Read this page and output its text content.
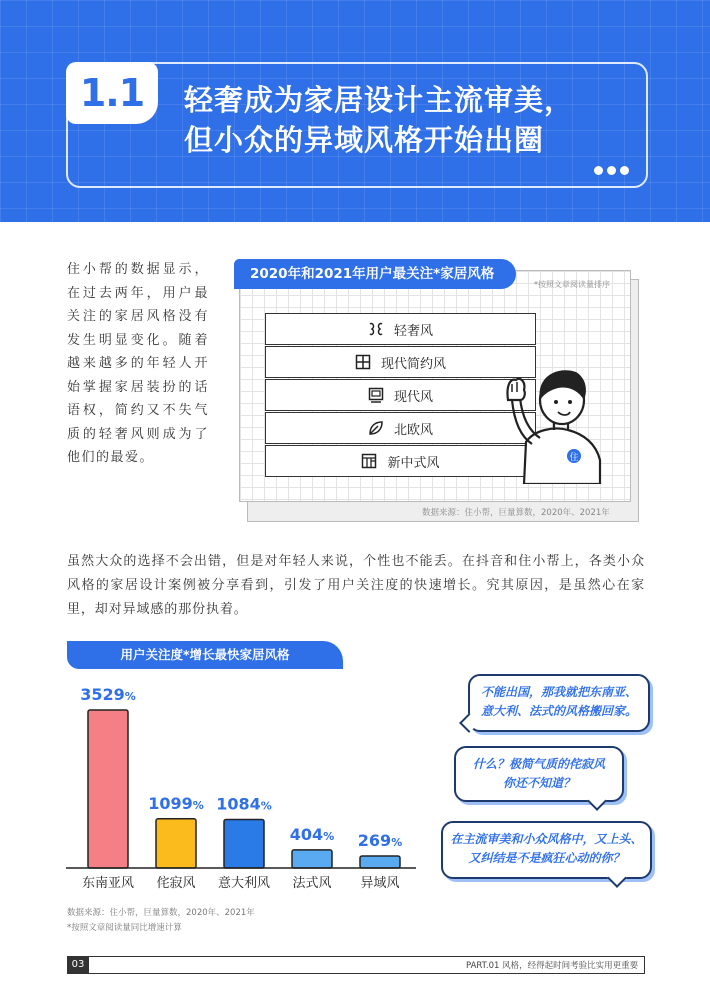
1.1	轻奢成为家居设计主流审美，
但小众的异域风格开始出圈
住小帮的数据显示，在过去两年，用户最关注的家居风格没有发生明显变化。随着越来越多的年轻人开始掌握家居装扮的话语权，简约又不失气质的轻奢风则成为了他们的最爱。
2020年和2021年用户最关注*家居风格
*按照文章阅读量排序
轻奢风
现代简约风
现代风
北欧风
新中式风	住
数据来源：住小帮，巨量算数，2020年、2021年
虽然大众的选择不会出错，但是对年轻人来说，个性也不能丢。在抖音和住小帮上，各类小众风格的家居设计案例被分享看到，引发了用户关注度的快速增长。究其原因，是虽然心在家里，却对异域感的那份执着。
用户关注度*增长最快家居风格
3529%
东南亚风
1099%
侘寂风
1084%
意大利风
404%
法式风
269%
异域风
不能出国，那我就把东南亚、
意大利、法式的风格搬回家。
什么？极简气质的侘寂风
你还不知道？
在主流审美和小众风格中，又上头、
又纠结是不是疯狂心动的你？
数据来源：住小帮，巨量算数，2020年、2021年
*按照文章阅读量同比增速计算
03	PART.01 风格，经得起时间考验比实用更重要
